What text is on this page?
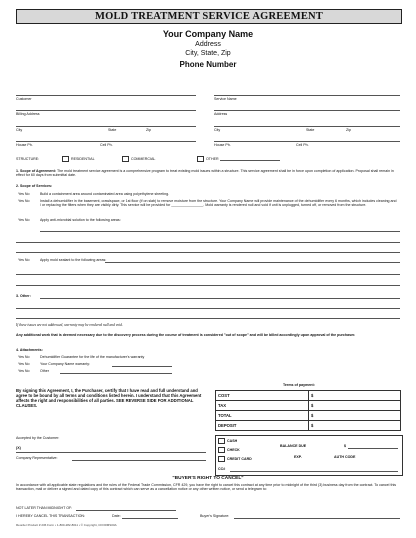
MOLD TREATMENT SERVICE AGREEMENT
Your Company Name
Address
City, State, Zip
Phone Number
Customer	Service Name
Billing Address	Address
City	State	Zip	City	State	Zip
House Ph.	Cell Ph.	House Ph.	Cell Ph.
STRUCTURE:	RESIDENTIAL	COMMERCIAL	OTHER
1. Scope of Agreement: The mold treatment service agreement is a comprehensive program to treat existing mold issues within a structure. This service agreement shall be in force upon completion of application. Proposal shall remain in effect for 60 days from submittal date.
2. Scope of Services:
Yes No	Build a containment area around contaminated area using polyethylene sheeting.
Yes No	Install a dehumidifier in the basement, crawlspace, or 1st floor (if on slab) to remove moisture from the structure. Your Company Name will provide maintenance of the dehumidifier every 6 months, which includes cleaning and / or replacing the filters when they are visibly dirty. This service will be provided for ________________. Mold warranty is rendered null and void if unit is unplugged, turned off, or removed from the structure.
Yes No	Apply anti-microbial solution to the following areas:
Yes No	Apply mold sealant to the following areas:
3. Other:
If these issues are not addressed, warranty may be rendered null and void.
Any additional work that is deemed necessary due to the discovery process during the course of treatment is considered "out of scope" and will be billed accordingly upon approval of the purchaser.
4. Attachments:
Yes No	Dehumidifier Guarantee for the life of the manufacturer's warranty
Yes No	Your Company Name warranty:
Yes No	Other
By signing this Agreement, I, the Purchaser, certify that I have read and full understand and agree to be bound by all terms and conditions listed herein. I understand that this Agreement affects the right and responsibilities of all parties. SEE REVERSE SIDE FOR ADDITIONAL CLAUSES.
Accepted by the Customer:
(X)
Company Representative:
Terms of payment:
COST	$
TAX	$
TOTAL	$
DEPOSIT	$
CASH
CHECK
CREDIT CARD
CC#
BALANCE DUE	$
EXP.	AUTH CODE
"BUYER'S RIGHT TO CANCEL"
In accordance with all applicable state regulations and the rules of the Federal Trade Commission, CFR 429, you have the right to cancel this contract at any time prior to midnight of the third (3) business day from the contract. To cancel this transaction, mail or deliver a signed and dated copy of this contract which can serve as a cancellation notice or any other written notice, or send a telegram to:
NOT LATER THAN MIDNIGHT OF:
I HEREBY CANCEL THIS TRANSACTION:	Date:	Buyer's Signature:
Reorder Product # 236 Form • 1-800-282-8011 • © Copyright, CFORMS00A
